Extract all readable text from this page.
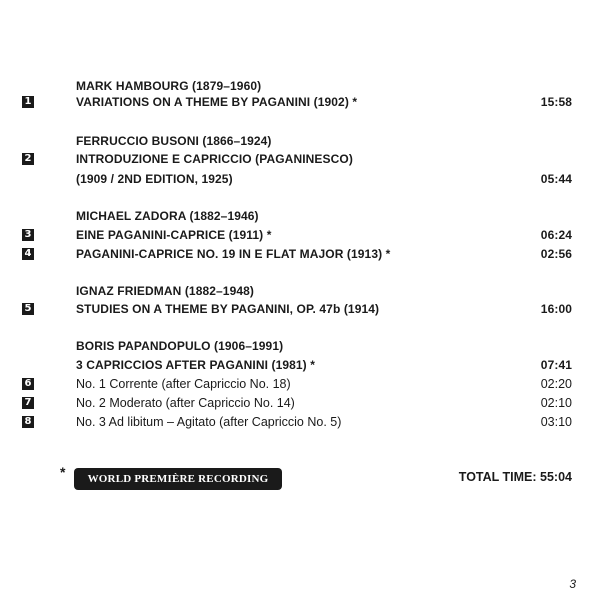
MARK HAMBOURG (1879–1960)
1	VARIATIONS ON A THEME BY PAGANINI (1902) *	15:58
FERRUCCIO BUSONI (1866–1924)
2	INTRODUZIONE E CAPRICCIO (PAGANINESCO)
(1909 / 2ND EDITION, 1925)	05:44
MICHAEL ZADORA (1882–1946)
3	EINE PAGANINI-CAPRICE (1911) *	06:24
4	PAGANINI-CAPRICE NO. 19 IN E FLAT MAJOR (1913) *	02:56
IGNAZ FRIEDMAN (1882–1948)
5	STUDIES ON A THEME BY PAGANINI, OP. 47b (1914)	16:00
BORIS PAPANDOPULO (1906–1991)
3 CAPRICCIOS AFTER PAGANINI (1981) *	07:41
6	No. 1 Corrente (after Capriccio No. 18)	02:20
7	No. 2 Moderato (after Capriccio No. 14)	02:10
8	No. 3 Ad libitum – Agitato (after Capriccio No. 5)	03:10
*	WORLD PREMIÈRE RECORDING	TOTAL TIME: 55:04
3
